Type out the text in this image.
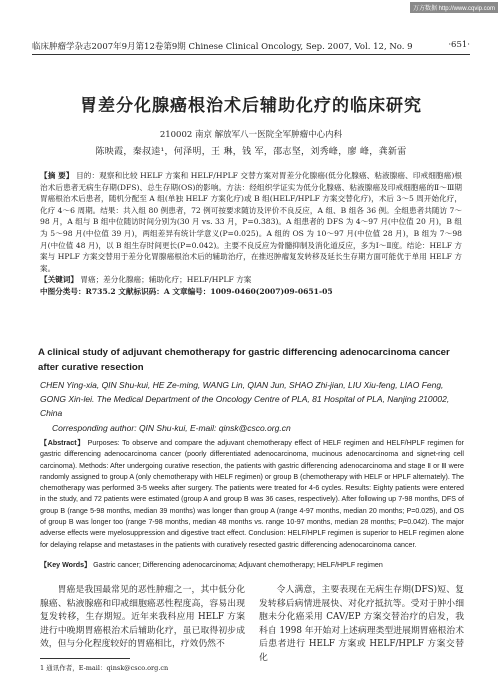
万方数据 http://www.cqvip.com
临床肿瘤学杂志2007年9月第12卷第9期 Chinese Clinical Oncology, Sep. 2007, Vol. 12, No. 9	·651·
胃差分化腺癌根治术后辅助化疗的临床研究
210002 南京 解放军八一医院全军肿瘤中心内科
陈映霞，秦叔逵¹，何泽明，王 琳，钱 军，邵志坚，刘秀峰，廖 峰，龚新雷
【摘 要】 目的：观察和比较 HELF 方案和 HELF/HPLF 交替方案对胃差分化腺癌(低分化腺癌、粘液腺癌、印戒细胞癌)根治术后患者无病生存期(DFS)、总生存期(OS)的影响。方法：经组织学证实为低分化腺癌、粘液腺癌及印戒细胞癌的Ⅱ～Ⅲ期胃癌根治术后患者，随机分配至 A 组(单独 HELF 方案化疗)或 B 组(HELF/HPLF 方案交替化疗)，术后 3～5 周开始化疗，化疗 4～6 周期。结果：共入组 80 例患者，72 例可按要求随访及评价不良反应，A 组、B 组各 36 例。全组患者共随访 7～98 月，A 组与 B 组中位随访时间分别为(30 月 vs. 33 月，P=0.383)。A 组患者的 DFS 为 4～97 月(中位值 20 月)，B 组为 5～98 月(中位值 39 月)，两组差异有统计学意义(P=0.025)。A 组的 OS 为 10～97 月(中位值 28 月)，B 组为 7～98 月(中位值 48 月)，以 B 组生存时间更长(P=0.042)。主要不良反应为骨髓抑制及消化道反应，多为Ⅰ～Ⅱ度。结论：HELF 方案与 HPLF 方案交替用于差分化胃腺癌根治术后的辅助治疗，在推迟肿瘤复发转移及延长生存期方面可能优于单用 HELF 方案。
【关键词】 胃癌；差分化腺癌；辅助化疗；HELF/HPLF 方案
中图分类号：R735.2 文献标识码：A 文章编号：1009-0460(2007)09-0651-05
A clinical study of adjuvant chemotherapy for gastric differencing adenocarcinoma cancer after curative resection
CHEN Ying-xia, QIN Shu-kui, HE Ze-ming, WANG Lin, QIAN Jun, SHAO Zhi-jian, LIU Xiu-feng, LIAO Feng, GONG Xin-lei. The Medical Department of the Oncology Centre of PLA, 81 Hospital of PLA, Nanjing 210002, China
Corresponding author: QIN Shu-kui, E-mail: qinsk@csco.org.cn
【Abstract】 Purposes: To observe and compare the adjuvant chemotherapy effect of HELF regimen and HELF/HPLF regimen for gastric differencing adenocarcinoma cancer (poorly differentiated adenocarcinoma, mucinous adenocarcinoma and signet-ring cell carcinoma). Methods: After undergoing curative resection, the patients with gastric differencing adenocarcinoma and stage Ⅱ or Ⅲ were randomly assigned to group A (only chemotherapy with HELF regimen) or group B (chemotherapy with HELF or HPLF alternately). The chemotherapy was performed 3-5 weeks after surgery. The patients were treated for 4-6 cycles. Results: Eighty patients were entered in the study, and 72 patients were estimated (group A and group B was 36 cases, respectively). After following up 7-98 months, DFS of group B (range 5-98 months, median 39 months) was longer than group A (range 4-97 months, median 20 months; P=0.025), and OS of group B was longer too (range 7-98 months, median 48 months vs. range 10-97 months, median 28 months; P=0.042). The major adverse effects were myelosuppression and digestive tract effect. Conclusion: HELF/HPLF regimen is superior to HELF regimen alone for delaying relapse and metastases in the patients with curatively resected gastric differencing adenocarcinoma cancer.
【Key Words】 Gastric cancer; Differencing adenocarcinoma; Adjuvant chemotherapy; HELF/HPLF regimen
胃癌是我国最常见的恶性肿瘤之一，其中低分化腺癌、粘液腺癌和印戒细胞癌恶性程度高，容易出现复发转移，生存期短。近年来我科应用 HELF 方案进行中晚期胃癌根治术后辅助化疗，虽已取得初步成效，但与分化程度较好的胃癌相比，疗效仍然不
令人满意，主要表现在无病生存期(DFS)短、复发转移后病情进展快、对化疗抵抗等。受对于肿小细胞未分化癌采用 CAV/EP 方案交替治疗的启发，我科自 1998 年开始对上述病理类型进展期胃癌根治术后患者进行 HELF 方案或 HELF/HPLF 方案交替化
1 通讯作者，E-mail：qinsk@csco.org.cn
